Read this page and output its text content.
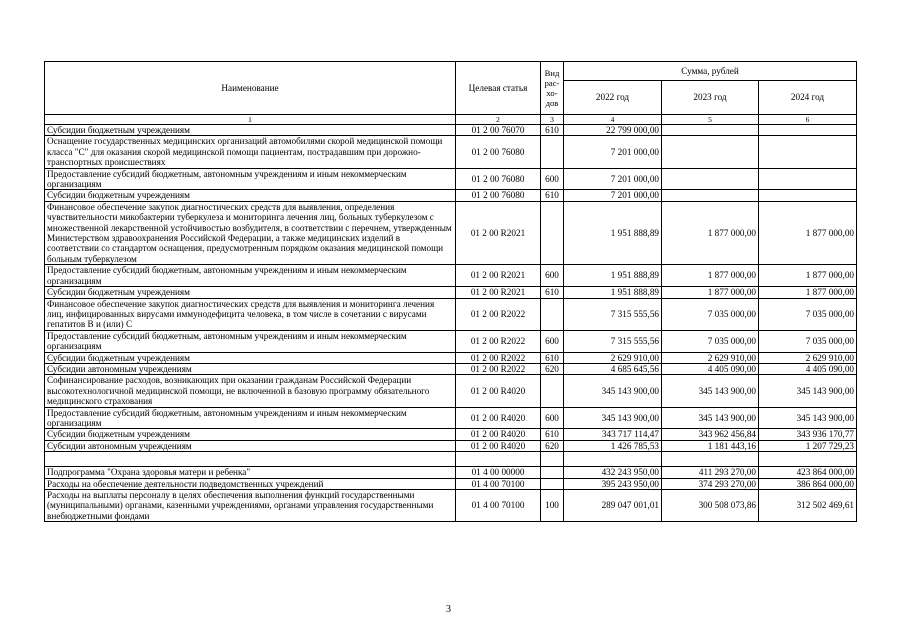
Наименование	Целевая статья	Вид рас-хо-дов	Сумма, рублей		
			2022 год	2023 год	2024 год
1	2	3	4	5	6
Субсидии бюджетным учреждениям	01 2 00 76070	610	22 799 000,00		
Оснащение государственных медицинских организаций автомобилями скорой медицинской помощи класса "С" для оказания скорой медицинской помощи пациентам, пострадавшим при дорожно-транспортных происшествиях	01 2 00 76080		7 201 000,00		
Предоставление субсидий бюджетным, автономным учреждениям и иным некоммерческим организациям	01 2 00 76080	600	7 201 000,00		
Субсидии бюджетным учреждениям	01 2 00 76080	610	7 201 000,00		
Финансовое обеспечение закупок диагностических средств для выявления, определения чувствительности микобактерии туберкулеза и мониторинга лечения лиц, больных туберкулезом с множественной лекарственной устойчивостью возбудителя, в соответствии с перечнем, утвержденным Министерством здравоохранения Российской Федерации, а также медицинских изделий в соответствии со стандартом оснащения, предусмотренным порядком оказания медицинской помощи больным туберкулезом	01 2 00 R2021		1 951 888,89	1 877 000,00	1 877 000,00
Предоставление субсидий бюджетным, автономным учреждениям и иным некоммерческим организациям	01 2 00 R2021	600	1 951 888,89	1 877 000,00	1 877 000,00
Субсидии бюджетным учреждениям	01 2 00 R2021	610	1 951 888,89	1 877 000,00	1 877 000,00
Финансовое обеспечение закупок диагностических средств для выявления и мониторинга лечения лиц, инфицированных вирусами иммунодефицита человека, в том числе в сочетании с вирусами гепатитов B и (или) C	01 2 00 R2022		7 315 555,56	7 035 000,00	7 035 000,00
Предоставление субсидий бюджетным, автономным учреждениям и иным некоммерческим организациям	01 2 00 R2022	600	7 315 555,56	7 035 000,00	7 035 000,00
Субсидии бюджетным учреждениям	01 2 00 R2022	610	2 629 910,00	2 629 910,00	2 629 910,00
Субсидии автономным учреждениям	01 2 00 R2022	620	4 685 645,56	4 405 090,00	4 405 090,00
Софинансирование расходов, возникающих при оказании гражданам Российской Федерации высокотехнологичной медицинской помощи, не включенной в базовую программу обязательного медицинского страхования	01 2 00 R4020		345 143 900,00	345 143 900,00	345 143 900,00
Предоставление субсидий бюджетным, автономным учреждениям и иным некоммерческим организациям	01 2 00 R4020	600	345 143 900,00	345 143 900,00	345 143 900,00
Субсидии бюджетным учреждениям	01 2 00 R4020	610	343 717 114,47	343 962 456,84	343 936 170,77
Субсидии автономным учреждениям	01 2 00 R4020	620	1 426 785,53	1 181 443,16	1 207 729,23

Подпрограмма "Охрана здоровья матери и ребенка"	01 4 00 00000		432 243 950,00	411 293 270,00	423 864 000,00
Расходы на обеспечение деятельности подведомственных учреждений	01 4 00 70100		395 243 950,00	374 293 270,00	386 864 000,00
Расходы на выплаты персоналу в целях обеспечения выполнения функций государственными (муниципальными) органами, казенными учреждениями, органами управления государственными внебюджетными фондами	01 4 00 70100	100	289 047 001,01	300 508 073,86	312 502 469,61
3
